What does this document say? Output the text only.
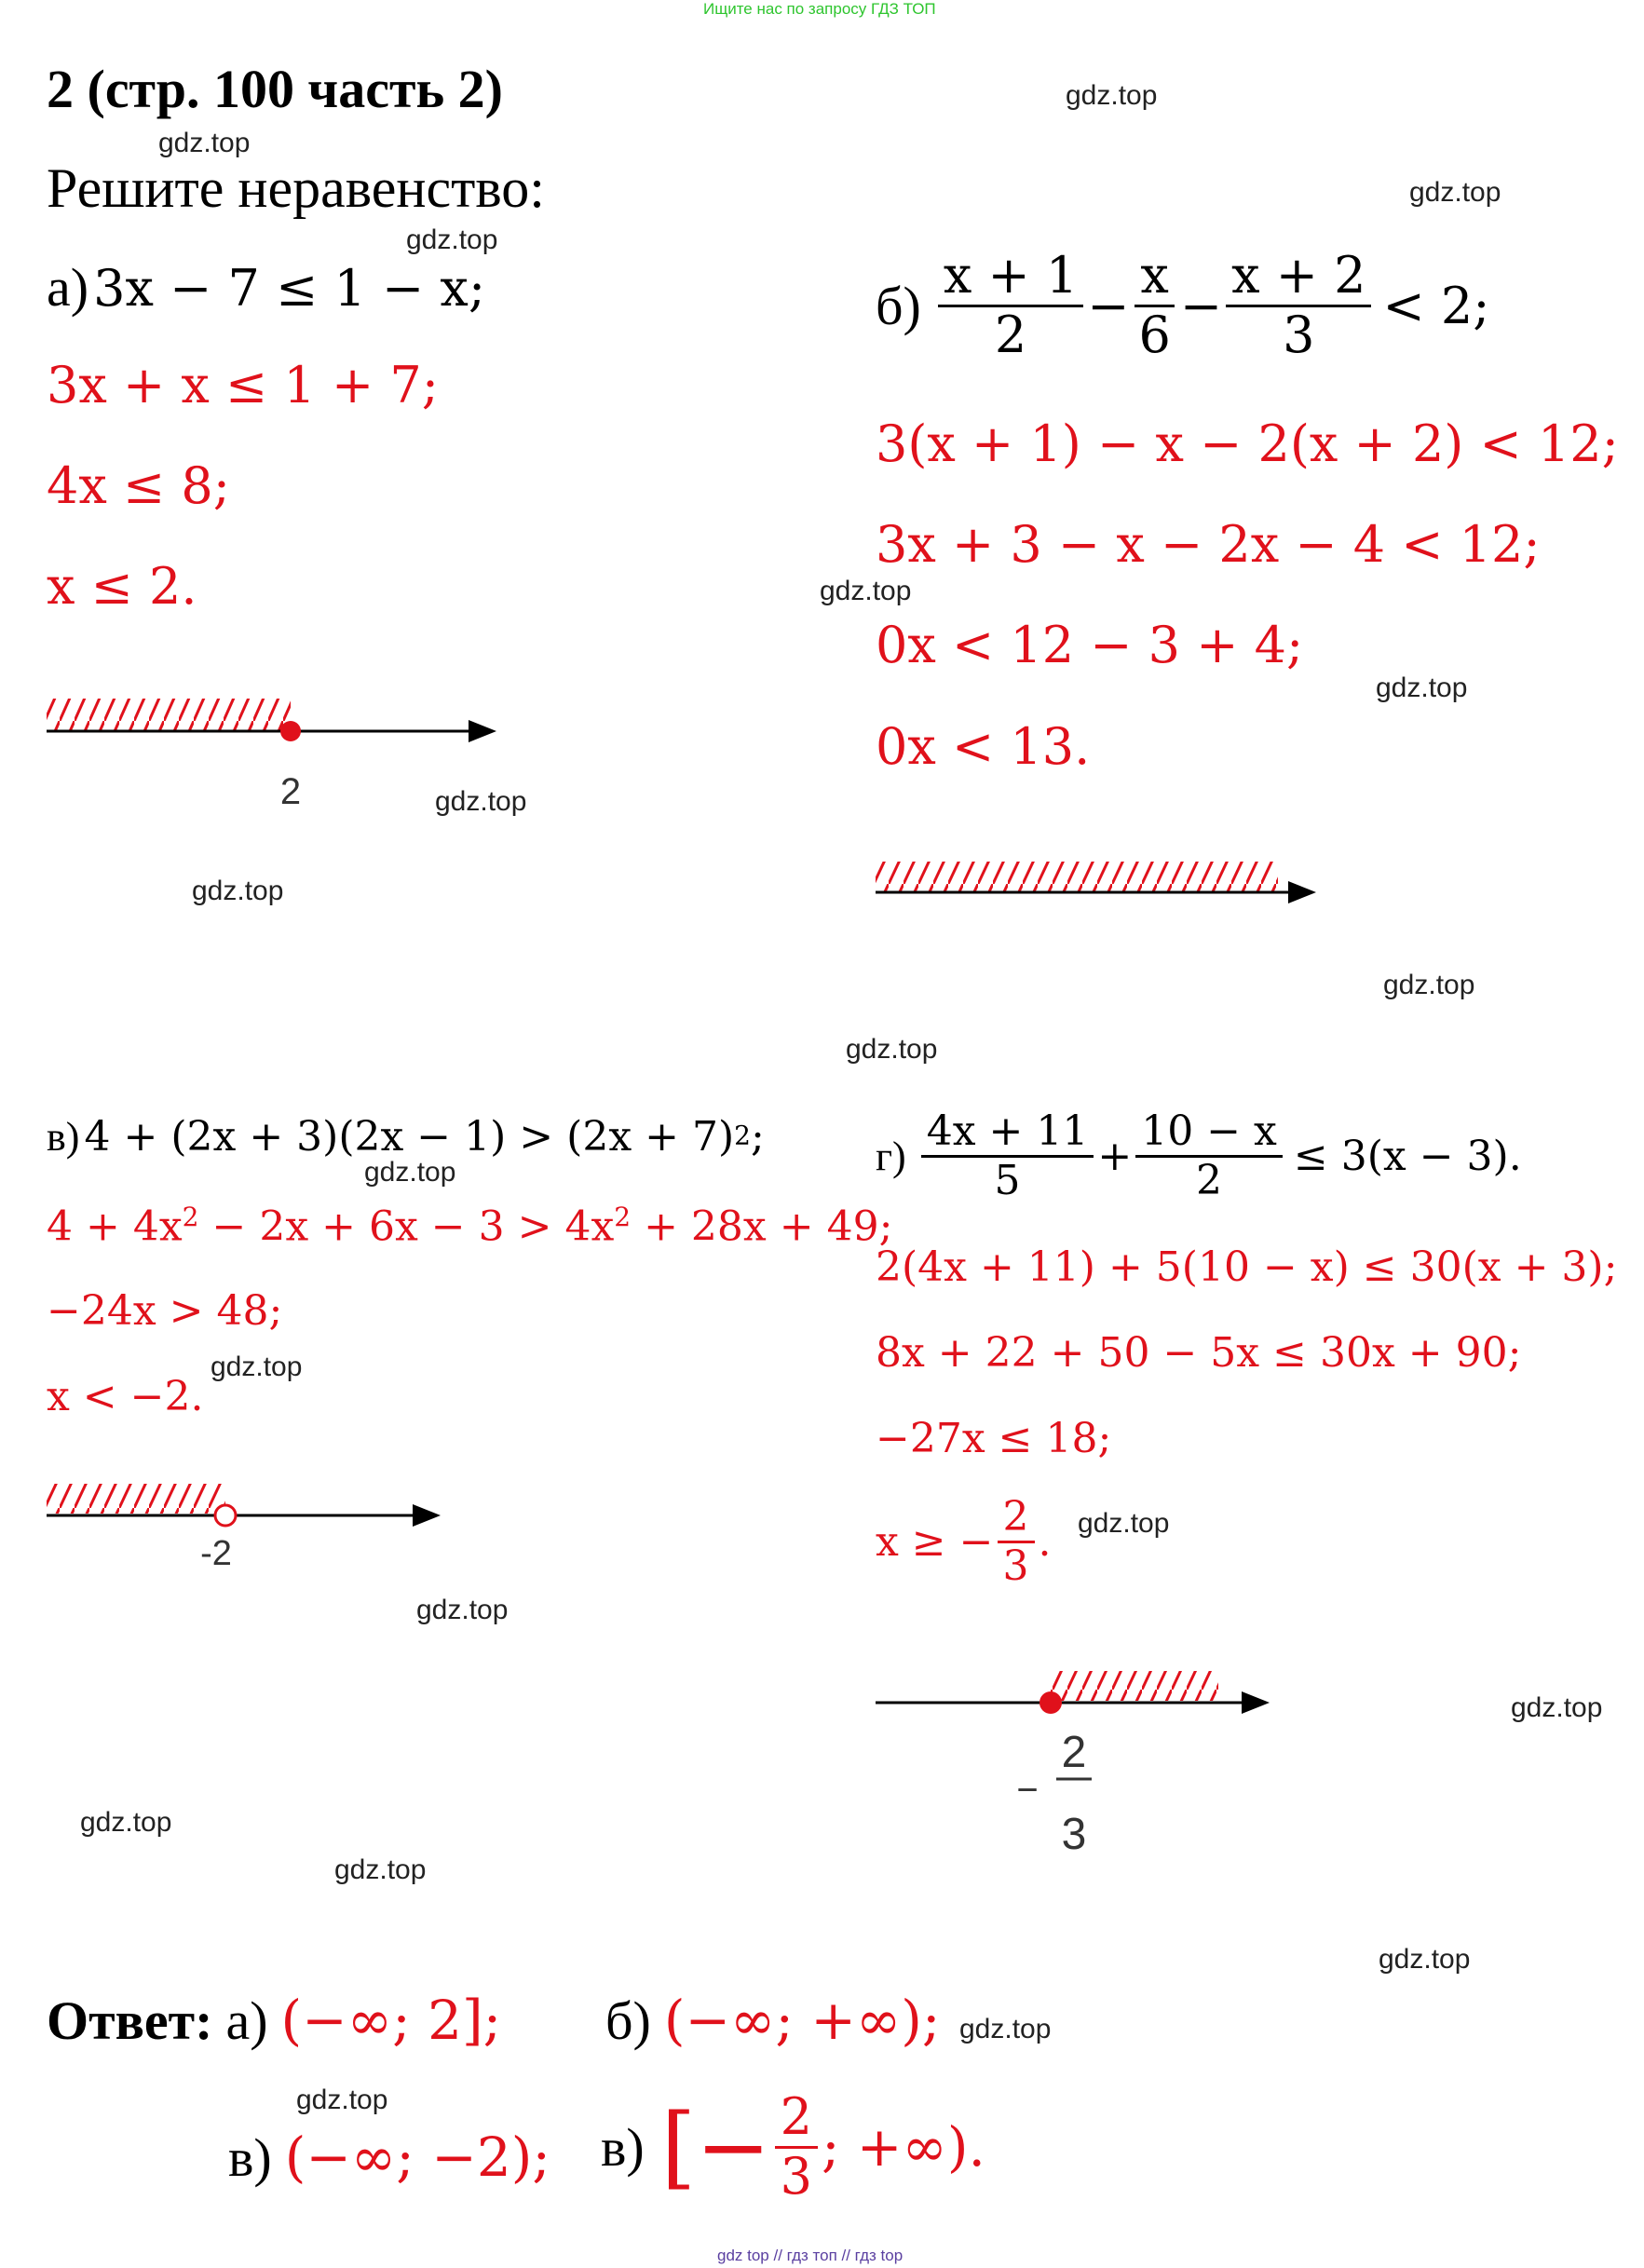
Ищите нас по запросу ГДЗ ТОП
2 (стр. 100 часть 2)
Решите неравенство:
gdz.top
gdz.top
gdz.top
gdz.top
gdz.top
gdz.top
gdz.top
gdz.top
gdz.top
gdz.top
gdz.top
gdz.top
gdz.top
gdz.top
gdz.top
gdz.top
gdz.top
gdz.top
gdz.top
gdz.top
а) 3x − 7 ≤ 1 − x;
3x + x ≤ 1 + 7;
4x ≤ 8;
x ≤ 2.
2
$б) \frac{x + 1}{2} - \frac{x}{6} - \frac{x + 2}{3} < 2$;
3(x + 1) − x − 2(x + 2) < 12;
3x + 3 − x − 2x − 4 < 12;
0x < 12 − 3 + 4;
0x < 13.
в) $4 + (2x + 3)(2x - 1) > (2x + 7)^2$;
$4 + 4x^2 - 2x + 6x - 3 > 4x^2 + 28x + 49$;
−24x > 48;
x < −2.
-2
$г) \frac{4x + 11}{5} + \frac{10 - x}{2} \le 3(x - 3)$.
2(4x + 11) + 5(10 − x) ≤ 30(x + 3);
8x + 22 + 50 − 5x ≤ 30x + 90;
−27x ≤ 18;
x ≥ − $\frac{2}{3}$ .
−
2
3
Ответ: а) (−∞; 2]; б) (−∞; +∞);
в) (−∞; −2); в) [− $\frac{2}{3}$ ; +∞).
gdz top // гдз топ // гдз top
